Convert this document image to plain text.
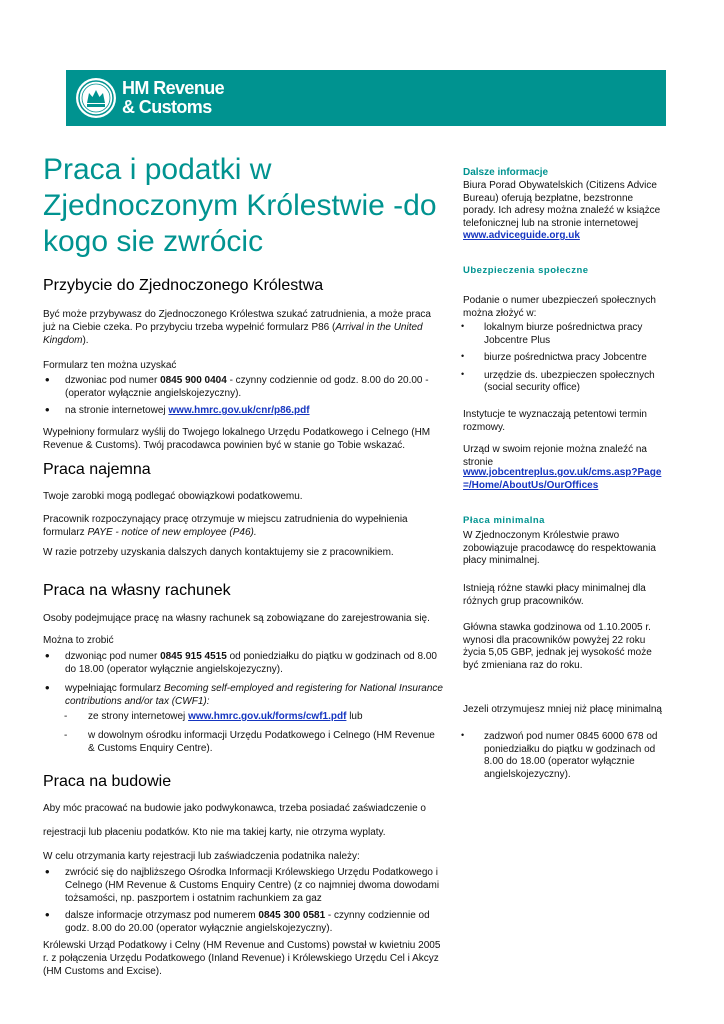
HM Revenue
& Customs
Praca i podatki w Zjednoczonym Królestwie -do kogo sie zwrócic
Przybycie do Zjednoczonego Królestwa

Być może przybywasz do Zjednoczonego Królestwa szukać zatrudnienia, a może praca już na Ciebie czeka. Po przybyciu trzeba wypełnić formularz P86 (Arrival in the United Kingdom).

Formularz ten można uzyskać

• dzwoniac pod numer 0845 900 0404 - czynny codziennie od godz. 8.00 do 20.00 - (operator wyłącznie angielskojezyczny).
• na stronie internetowej www.hmrc.gov.uk/cnr/p86.pdf

Wypełniony formularz wyślij do Twojego lokalnego Urzędu Podatkowego i Celnego (HM Revenue & Customs). Twój pracodawca powinien być w stanie go Tobie wskazać.

Praca najemna

Twoje zarobki mogą podlegać obowiązkowi podatkowemu.

Pracownik rozpoczynający pracę otrzymuje w miejscu zatrudnienia do wypełnienia formularz PAYE - notice of new employee (P46).

W razie potrzeby uzyskania dalszych danych kontaktujemy sie z pracownikiem.

Praca na własny rachunek

Osoby podejmujące pracę na własny rachunek są zobowiązane do zarejestrowania się.

Można to zrobić

• dzwoniąc pod numer 0845 915 4515 od poniedziałku do piątku w godzinach od 8.00 do 18.00 (operator wyłącznie angielskojezyczny).
• wypełniając formularz Becoming self-employed and registering for National Insurance contributions and/or tax (CWF1):
- ze strony internetowej www.hmrc.gov.uk/forms/cwf1.pdf lub
- w dowolnym ośrodku informacji Urzędu Podatkowego i Celnego (HM Revenue & Customs Enquiry Centre).
Praca na budowie

Aby móc pracować na budowie jako podwykonawca, trzeba posiadać zaświadczenie o

rejestracji lub płaceniu podatków. Kto nie ma takiej karty, nie otrzyma wyplaty.

W celu otrzymania karty rejestracji lub zaświadczenia podatnika należy:

• zwrócić się do najbliższego Ośrodka Informacji Królewskiego Urzędu Podatkowego i Celnego (HM Revenue & Customs Enquiry Centre) (z co najmniej dwoma dowodami tożsamości, np. paszportem i ostatnim rachunkiem za gaz
• dalsze informacje otrzymasz pod numerem 0845 300 0581 - czynny codziennie od godz. 8.00 do 20.00 (operator wyłącznie angielskojezyczny).

Królewski Urząd Podatkowy i Celny (HM Revenue and Customs) powstał w kwietniu 2005 r. z połączenia Urzędu Podatkowego (Inland Revenue) i Królewskiego Urzędu Cel i Akcyz (HM Customs and Excise).

Dalsze informacje

Biura Porad Obywatelskich (Citizens Advice Bureau) oferują bezpłatne, bezstronne porady. Ich adresy można znaleźć w książce telefonicznej lub na stronie internetowej www.adviceguide.org.uk

Ubezpieczenia społeczne

Podanie o numer ubezpieczeń społecznych można złożyć w:

• lokalnym biurze pośrednictwa pracy Jobcentre Plus
• biurze pośrednictwa pracy Jobcentre
• urzędzie ds. ubezpieczen społecznych (social security office)

Instytucje te wyznaczają petentowi termin rozmowy.

Urząd w swoim rejonie można znaleźć na stronie

www.jobcentreplus.gov.uk/cms.asp?Page=/Home/AboutUs/OurOffices

Płaca minimalna

W Zjednoczonym Królestwie prawo zobowiązuje pracodawcę do respektowania płacy minimalnej.

Istnieją różne stawki płacy minimalnej dla różnych grup pracowników.

Główna stawka godzinowa od 1.10.2005 r. wynosi dla pracowników powyżej 22 roku życia 5,05 GBP, jednak jej wysokość może być zmieniana raz do roku.

Jezeli otrzymujesz mniej niż płacę minimalną

• zadzwoń pod numer 0845 6000 678 od poniedziałku do piątku w godzinach od 8.00 do 18.00 (operator wyłącznie angielskojezyczny).
